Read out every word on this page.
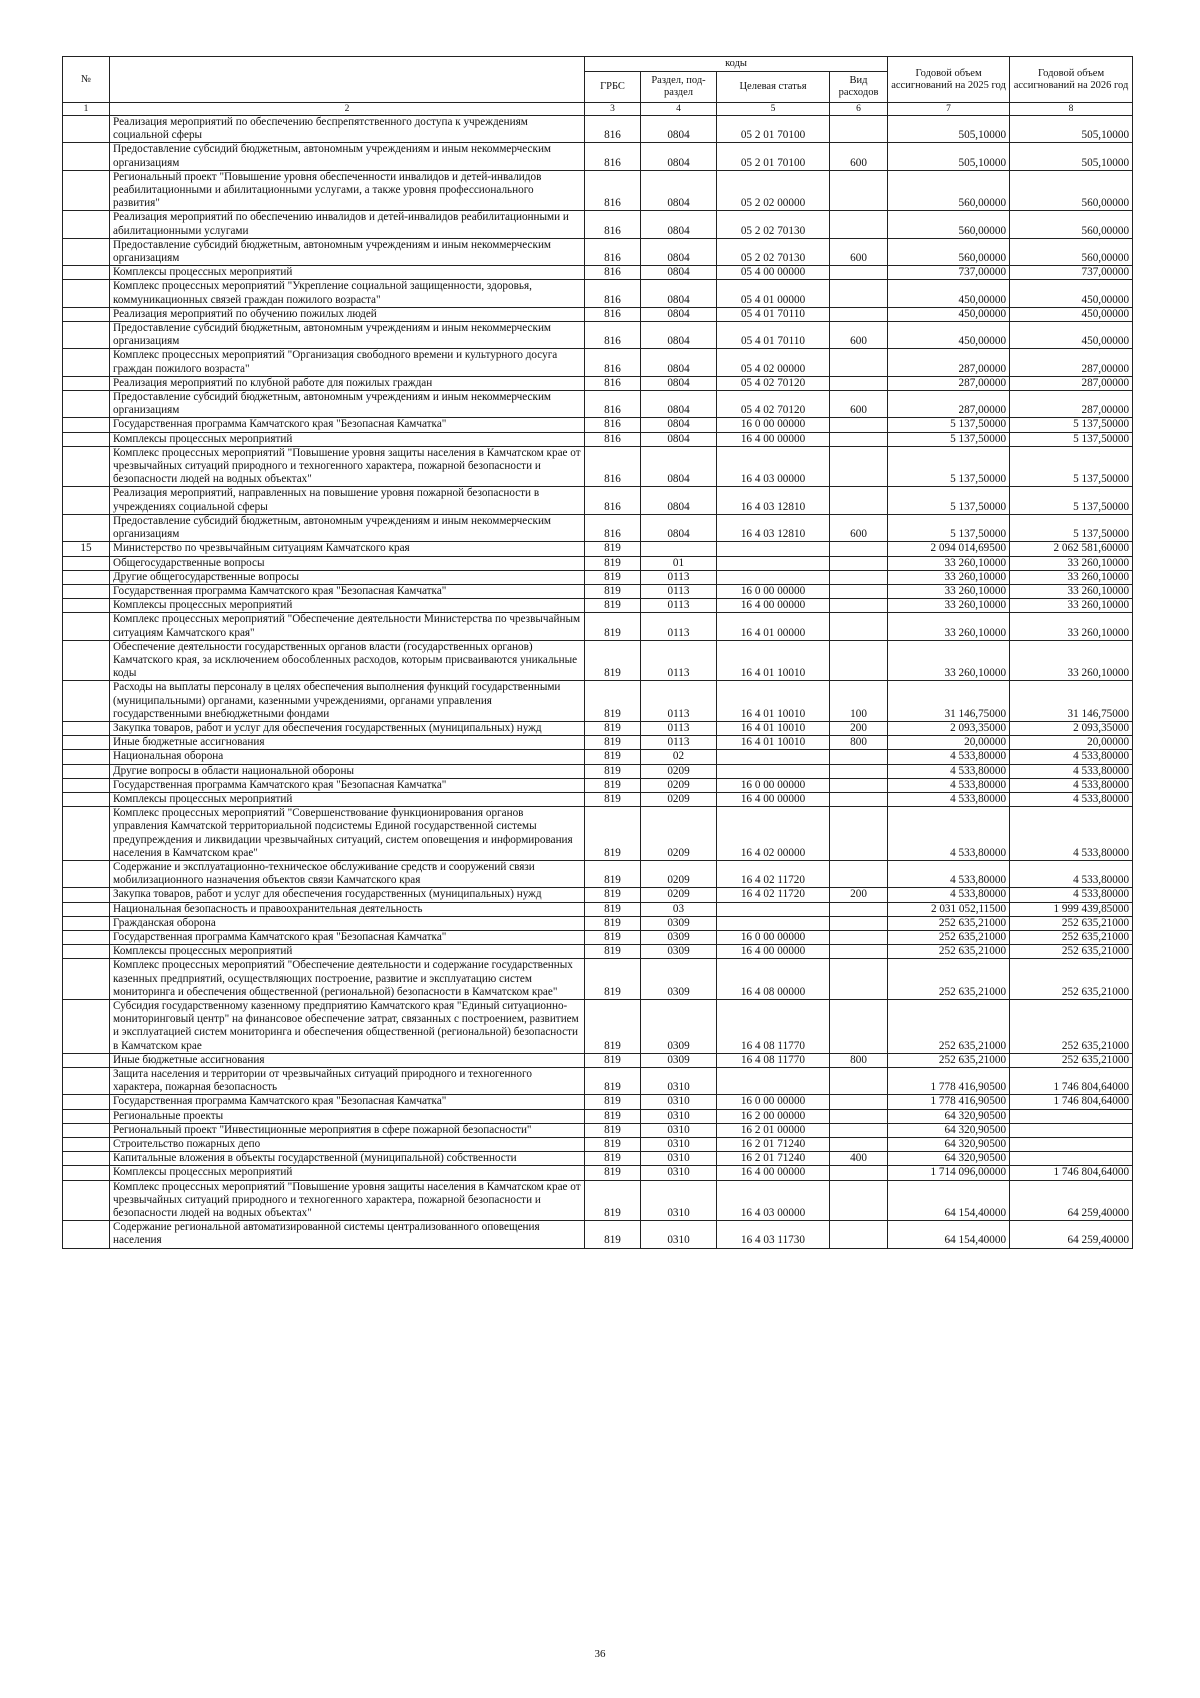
№		коды				Годовой объем ассигнований на 2025 год	Годовой объем ассигнований на 2026 год
		ГРБС	Раздел, под-раздел	Целевая статья	Вид расходов		
1	2	3	4	5	6	7	8
	Реализация мероприятий по обеспечению беспрепятственного доступа к учреждениям социальной сферы	816	0804	05 2 01 70100		505,10000	505,10000
	Предоставление субсидий бюджетным, автономным учреждениям и иным некоммерческим организациям	816	0804	05 2 01 70100	600	505,10000	505,10000
	Региональный проект "Повышение уровня обеспеченности инвалидов и детей-инвалидов реабилитационными и абилитационными услугами, а также уровня профессионального развития"	816	0804	05 2 02 00000		560,00000	560,00000
	Реализация мероприятий по обеспечению инвалидов и детей-инвалидов реабилитационными и абилитационными услугами	816	0804	05 2 02 70130		560,00000	560,00000
	Предоставление субсидий бюджетным, автономным учреждениям и иным некоммерческим организациям	816	0804	05 2 02 70130	600	560,00000	560,00000
	Комплексы процессных мероприятий	816	0804	05 4 00 00000		737,00000	737,00000
	Комплекс процессных мероприятий "Укрепление социальной защищенности, здоровья, коммуникационных связей граждан пожилого возраста"	816	0804	05 4 01 00000		450,00000	450,00000
	Реализация мероприятий по обучению пожилых людей	816	0804	05 4 01 70110		450,00000	450,00000
	Предоставление субсидий бюджетным, автономным учреждениям и иным некоммерческим организациям	816	0804	05 4 01 70110	600	450,00000	450,00000
	Комплекс процессных мероприятий "Организация свободного времени и культурного досуга граждан пожилого возраста"	816	0804	05 4 02 00000		287,00000	287,00000
	Реализация мероприятий по клубной работе для пожилых граждан	816	0804	05 4 02 70120		287,00000	287,00000
	Предоставление субсидий бюджетным, автономным учреждениям и иным некоммерческим организациям	816	0804	05 4 02 70120	600	287,00000	287,00000
	Государственная программа Камчатского края "Безопасная Камчатка"	816	0804	16 0 00 00000		5 137,50000	5 137,50000
	Комплексы процессных мероприятий	816	0804	16 4 00 00000		5 137,50000	5 137,50000
	Комплекс процессных мероприятий "Повышение уровня защиты населения в Камчатском крае от чрезвычайных ситуаций природного и техногенного характера, пожарной безопасности и безопасности людей на водных объектах"	816	0804	16 4 03 00000		5 137,50000	5 137,50000
	Реализация мероприятий, направленных на повышение уровня пожарной безопасности в учреждениях социальной сферы	816	0804	16 4 03 12810		5 137,50000	5 137,50000
	Предоставление субсидий бюджетным, автономным учреждениям и иным некоммерческим организациям	816	0804	16 4 03 12810	600	5 137,50000	5 137,50000
15	Министерство по чрезвычайным ситуациям Камчатского края	819				2 094 014,69500	2 062 581,60000
	Общегосударственные вопросы	819	01			33 260,10000	33 260,10000
	Другие общегосударственные вопросы	819	0113			33 260,10000	33 260,10000
	Государственная программа Камчатского края "Безопасная Камчатка"	819	0113	16 0 00 00000		33 260,10000	33 260,10000
	Комплексы процессных мероприятий	819	0113	16 4 00 00000		33 260,10000	33 260,10000
	Комплекс процессных мероприятий "Обеспечение деятельности Министерства по чрезвычайным ситуациям Камчатского края"	819	0113	16 4 01 00000		33 260,10000	33 260,10000
	Обеспечение деятельности государственных органов власти (государственных органов) Камчатского края, за исключением обособленных расходов, которым присваиваются уникальные коды	819	0113	16 4 01 10010		33 260,10000	33 260,10000
	Расходы на выплаты персоналу в целях обеспечения выполнения функций государственными (муниципальными) органами, казенными учреждениями, органами управления государственными внебюджетными фондами	819	0113	16 4 01 10010	100	31 146,75000	31 146,75000
	Закупка товаров, работ и услуг для обеспечения государственных (муниципальных) нужд	819	0113	16 4 01 10010	200	2 093,35000	2 093,35000
	Иные бюджетные ассигнования	819	0113	16 4 01 10010	800	20,00000	20,00000
	Национальная оборона	819	02			4 533,80000	4 533,80000
	Другие вопросы в области национальной обороны	819	0209			4 533,80000	4 533,80000
	Государственная программа Камчатского края "Безопасная Камчатка"	819	0209	16 0 00 00000		4 533,80000	4 533,80000
	Комплексы процессных мероприятий	819	0209	16 4 00 00000		4 533,80000	4 533,80000
	Комплекс процессных мероприятий "Совершенствование функционирования органов управления Камчатской территориальной подсистемы Единой государственной системы предупреждения и ликвидации чрезвычайных ситуаций, систем оповещения и информирования населения в Камчатском крае"	819	0209	16 4 02 00000		4 533,80000	4 533,80000
	Содержание и эксплуатационно-техническое обслуживание средств и сооружений связи мобилизационного назначения объектов связи Камчатского края	819	0209	16 4 02 11720		4 533,80000	4 533,80000
	Закупка товаров, работ и услуг для обеспечения государственных (муниципальных) нужд	819	0209	16 4 02 11720	200	4 533,80000	4 533,80000
	Национальная безопасность и правоохранительная деятельность	819	03			2 031 052,11500	1 999 439,85000
	Гражданская оборона	819	0309			252 635,21000	252 635,21000
	Государственная программа Камчатского края "Безопасная Камчатка"	819	0309	16 0 00 00000		252 635,21000	252 635,21000
	Комплексы процессных мероприятий	819	0309	16 4 00 00000		252 635,21000	252 635,21000
	Комплекс процессных мероприятий "Обеспечение деятельности и содержание государственных казенных предприятий, осуществляющих построение, развитие и эксплуатацию систем мониторинга и обеспечения общественной (региональной) безопасности в Камчатском крае"	819	0309	16 4 08 00000		252 635,21000	252 635,21000
	Субсидия государственному казенному предприятию Камчатского края "Единый ситуационно-мониторинговый центр" на финансовое обеспечение затрат, связанных с построением, развитием и эксплуатацией систем мониторинга и обеспечения общественной (региональной) безопасности в Камчатском крае	819	0309	16 4 08 11770		252 635,21000	252 635,21000
	Иные бюджетные ассигнования	819	0309	16 4 08 11770	800	252 635,21000	252 635,21000
	Защита населения и территории от чрезвычайных ситуаций природного и техногенного характера, пожарная безопасность	819	0310			1 778 416,90500	1 746 804,64000
	Государственная программа Камчатского края "Безопасная Камчатка"	819	0310	16 0 00 00000		1 778 416,90500	1 746 804,64000
	Региональные проекты	819	0310	16 2 00 00000		64 320,90500	
	Региональный проект "Инвестиционные мероприятия в сфере пожарной безопасности"	819	0310	16 2 01 00000		64 320,90500	
	Строительство пожарных депо	819	0310	16 2 01 71240		64 320,90500	
	Капитальные вложения в объекты государственной (муниципальной) собственности	819	0310	16 2 01 71240	400	64 320,90500	
	Комплексы процессных мероприятий	819	0310	16 4 00 00000		1 714 096,00000	1 746 804,64000
	Комплекс процессных мероприятий "Повышение уровня защиты населения в Камчатском крае от чрезвычайных ситуаций природного и техногенного характера, пожарной безопасности и безопасности людей на водных объектах"	819	0310	16 4 03 00000		64 154,40000	64 259,40000
	Содержание региональной автоматизированной системы централизованного оповещения населения	819	0310	16 4 03 11730		64 154,40000	64 259,40000
36
